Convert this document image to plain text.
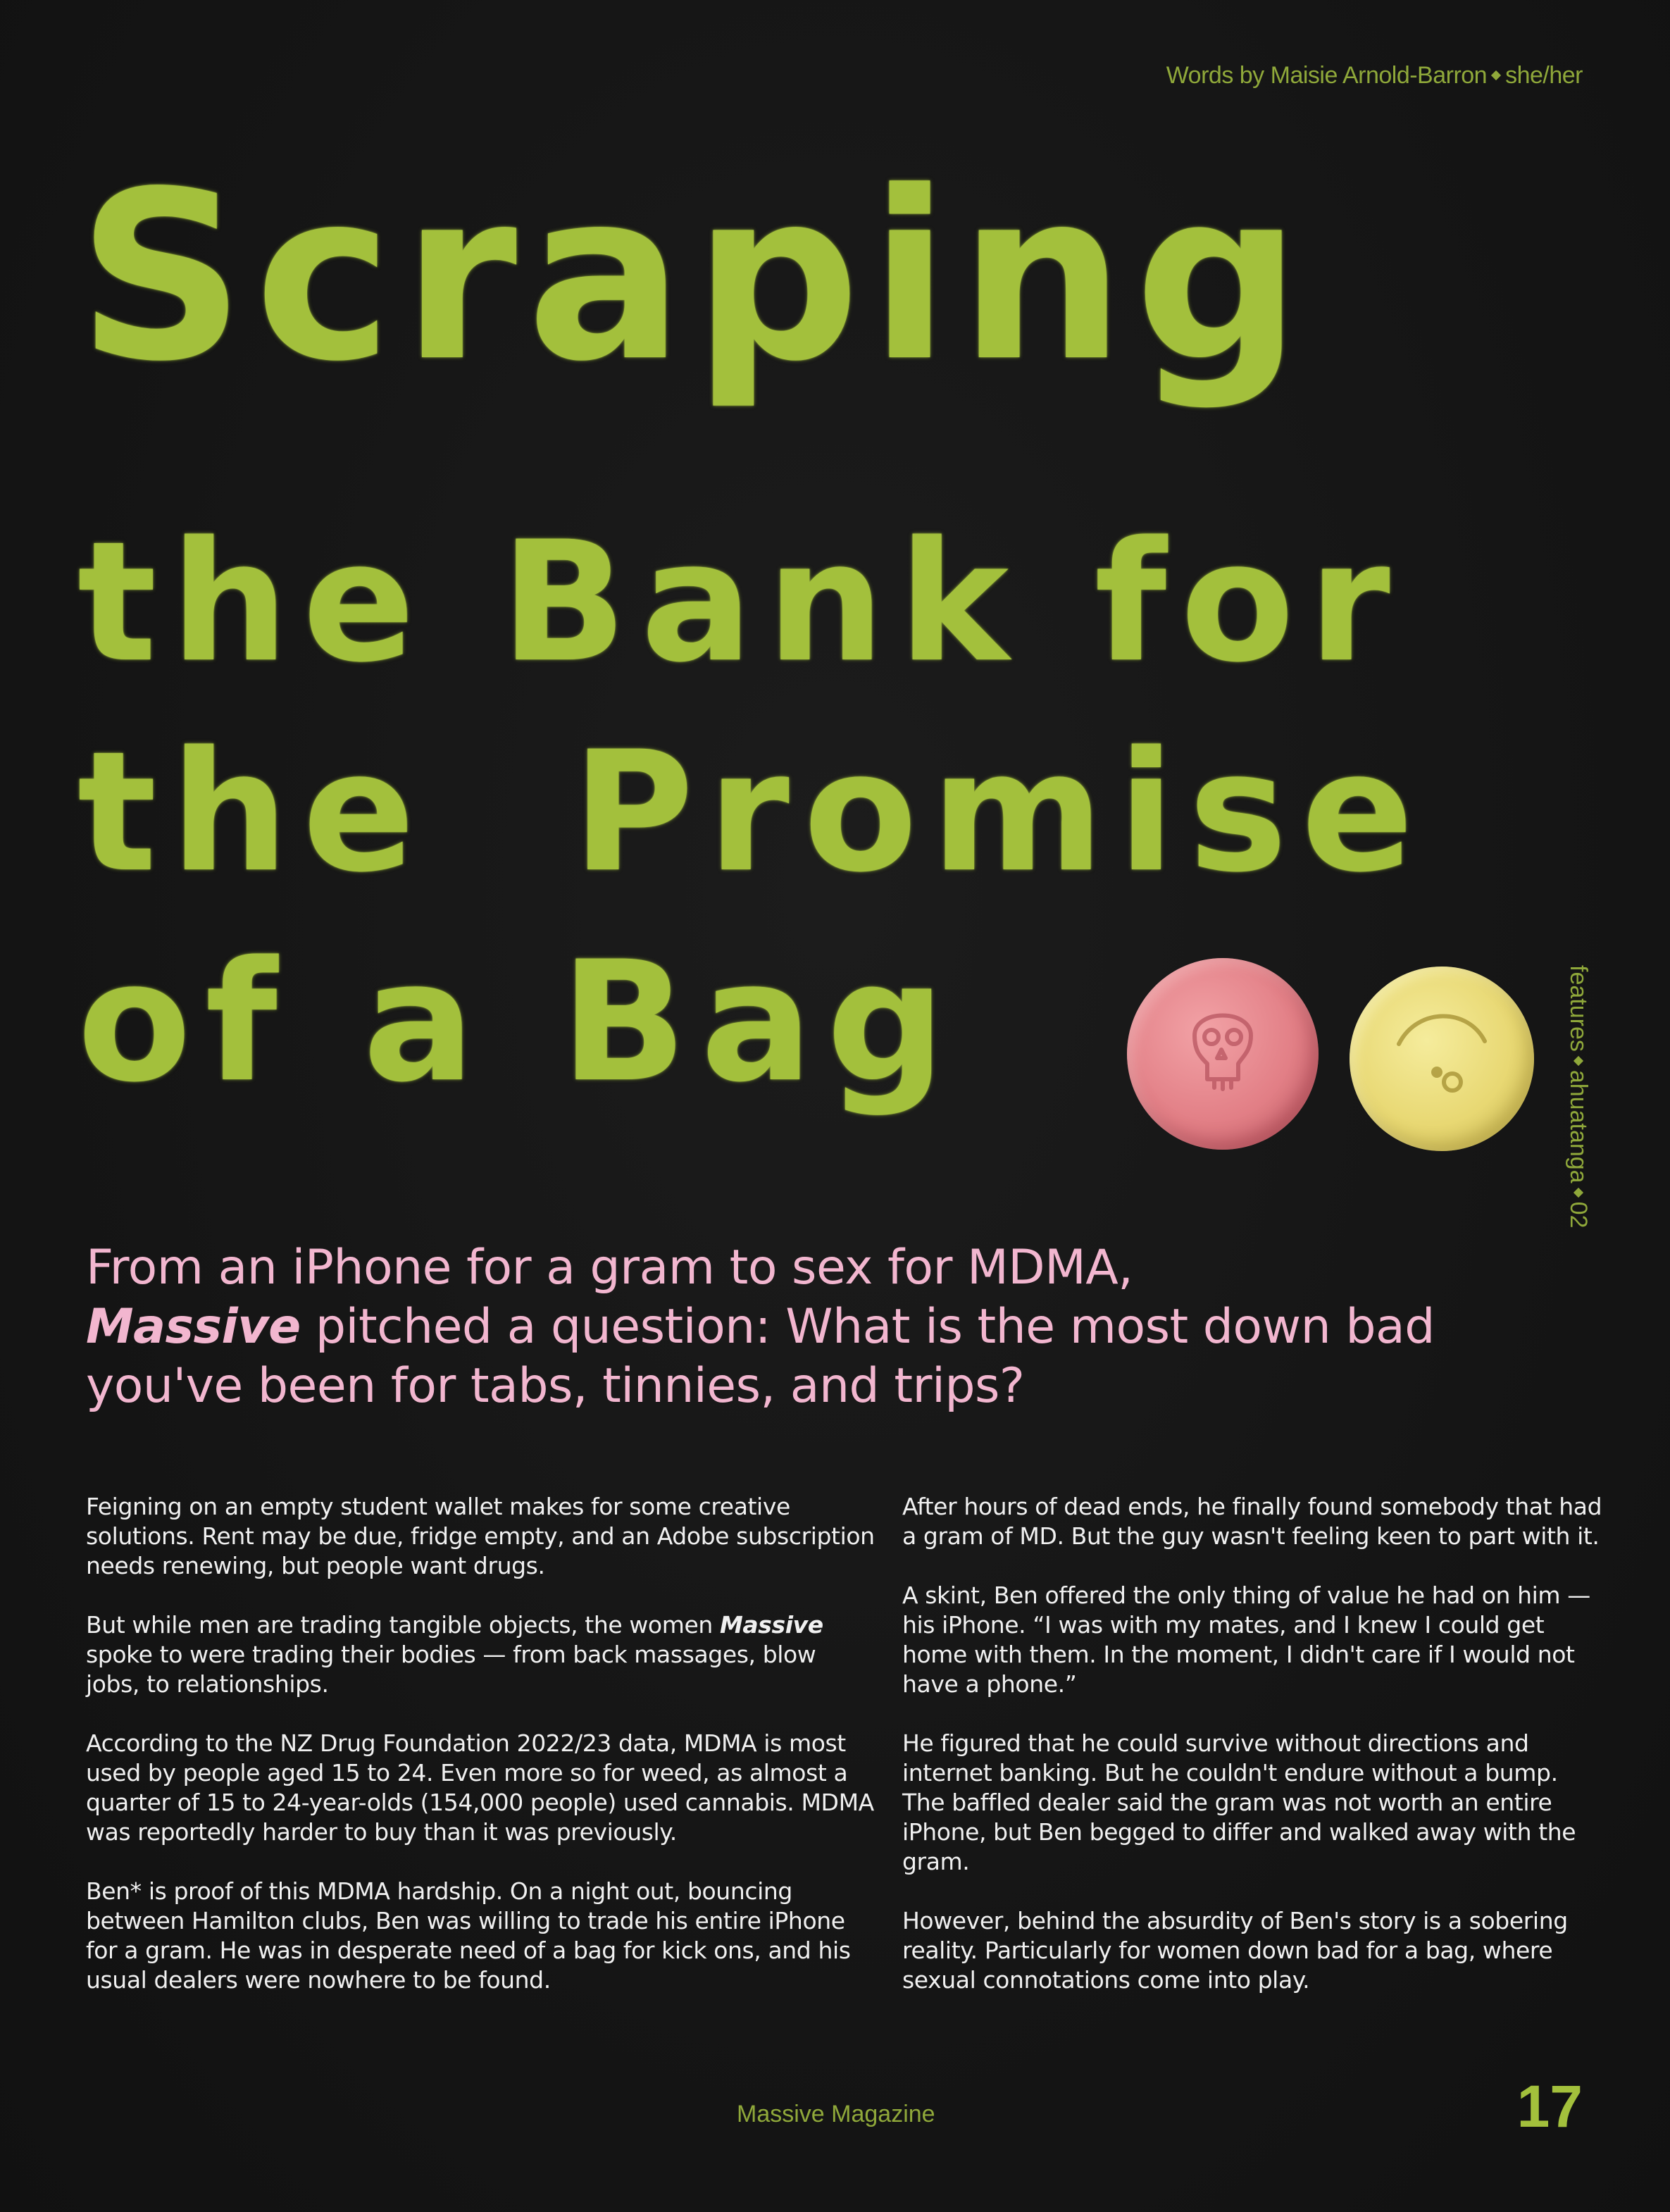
Words by Maisie Arnold-Barron she/her
Scraping
the Bank for
the  Promise
of a Bag	featuresahuatanga02
From an iPhone for a gram to sex for MDMA,
Massive pitched a question: What is the most down bad you've been for tabs, tinnies, and trips?

Feigning on an empty student wallet makes for some creative solutions. Rent may be due, fridge empty, and an Adobe subscription needs renewing, but people want drugs.

But while men are trading tangible objects, the women Massive spoke to were trading their bodies — from back massages, blow jobs, to relationships.

According to the NZ Drug Foundation 2022/23 data, MDMA is most used by people aged 15 to 24. Even more so for weed, as almost a quarter of 15 to 24-year-olds (154,000 people) used cannabis. MDMA was reportedly harder to buy than it was previously.

Ben* is proof of this MDMA hardship. On a night out, bouncing between Hamilton clubs, Ben was willing to trade his entire iPhone for a gram. He was in desperate need of a bag for kick ons, and his usual dealers were nowhere to be found.

After hours of dead ends, he finally found somebody that had a gram of MD. But the guy wasn't feeling keen to part with it.

A skint, Ben offered the only thing of value he had on him — his iPhone. “I was with my mates, and I knew I could get home with them. In the moment, I didn't care if I would not have a phone.”

He figured that he could survive without directions and internet banking. But he couldn't endure without a bump. The baffled dealer said the gram was not worth an entire iPhone, but Ben begged to differ and walked away with the gram.

However, behind the absurdity of Ben's story is a sobering reality. Particularly for women down bad for a bag, where sexual connotations come into play.

Massive Magazine	17
